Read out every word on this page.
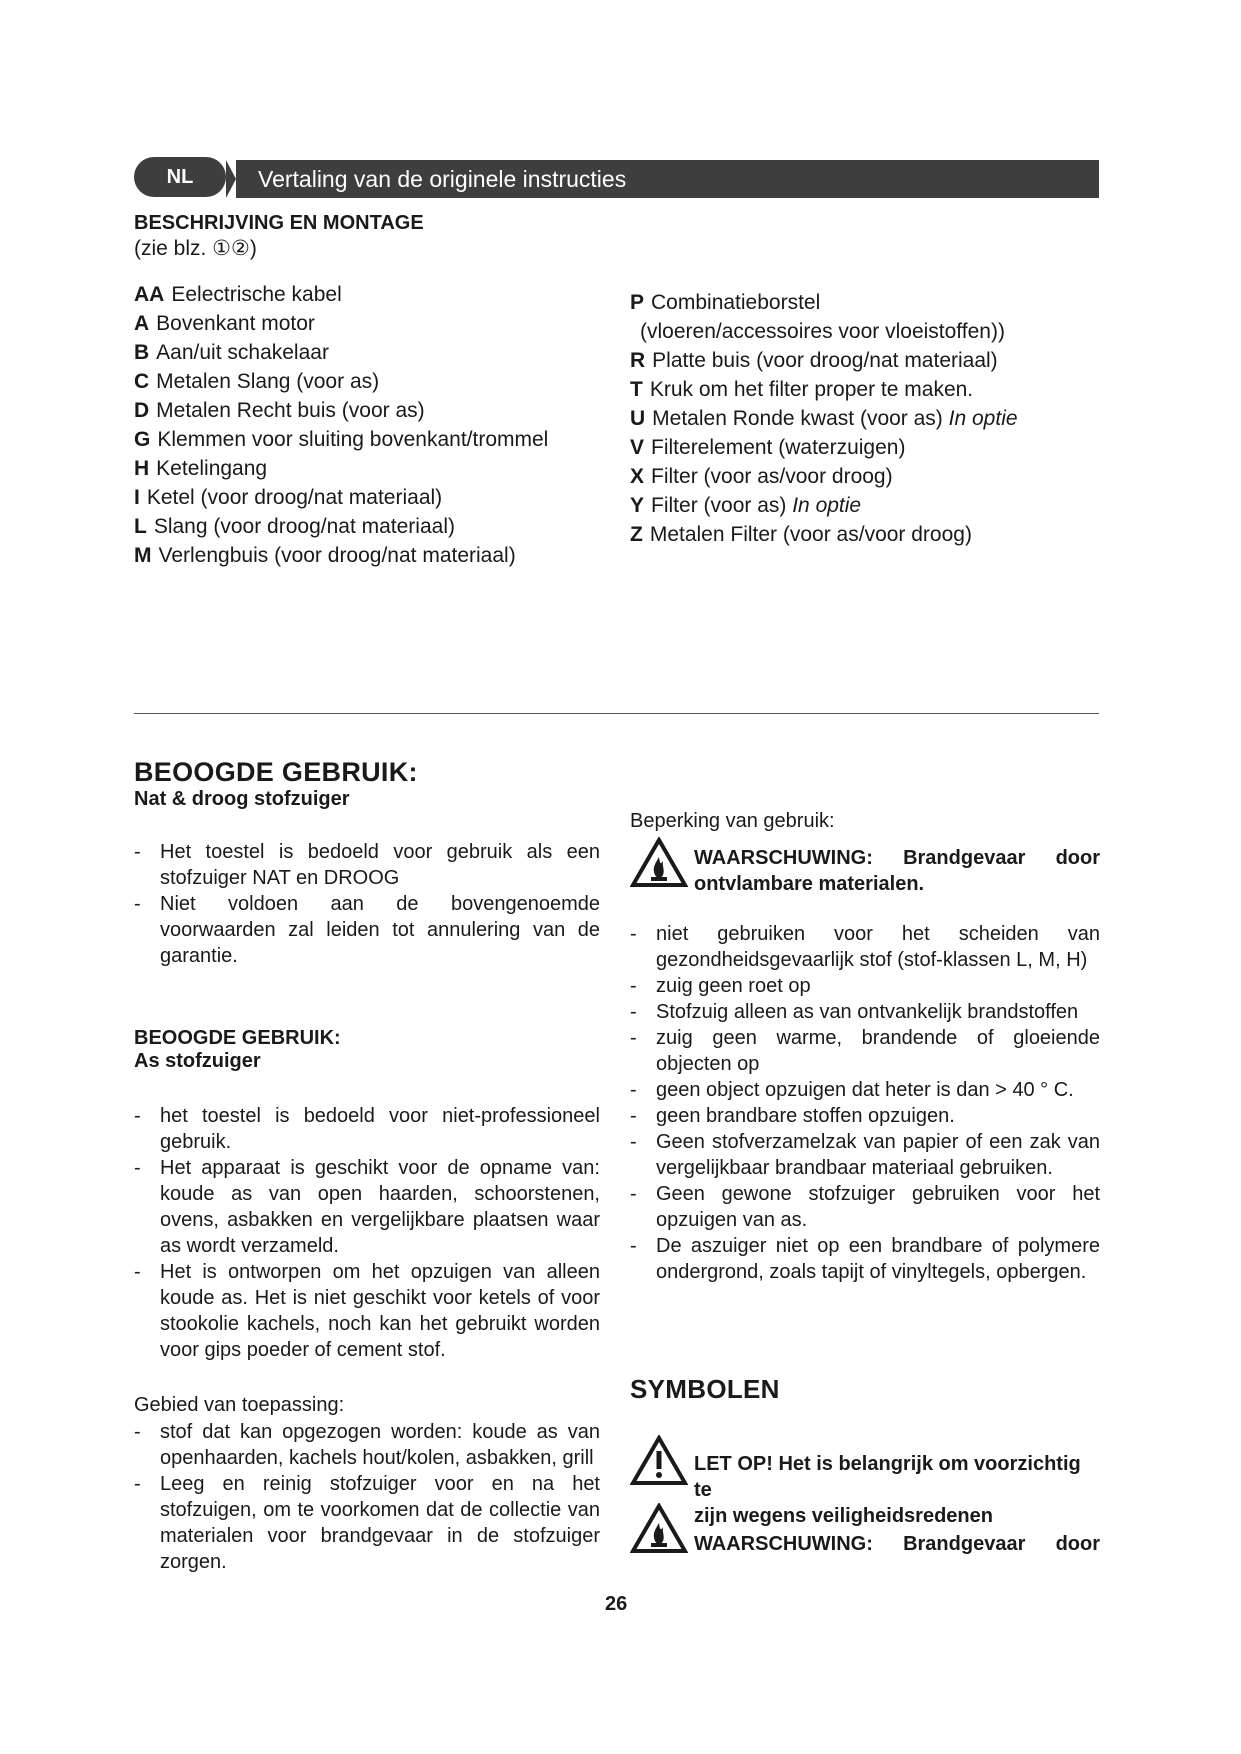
NL	Vertaling van de originele instructies
BESCHRIJVING EN MONTAGE
(zie blz. ①②)
AA Eelectrische kabel
A Bovenkant motor
B Aan/uit schakelaar
C Metalen Slang (voor as)
D Metalen Recht buis (voor as)
G Klemmen voor sluiting bovenkant/trommel
H Ketelingang
I Ketel (voor droog/nat materiaal)
L Slang (voor droog/nat materiaal)
M Verlengbuis (voor droog/nat materiaal)
P Combinatieborstel
(vloeren/accessoires voor vloeistoffen))
R Platte buis (voor droog/nat materiaal)
T Kruk om het filter proper te maken.
U Metalen Ronde kwast (voor as) In optie
V Filterelement (waterzuigen)
X Filter (voor as/voor droog)
Y Filter (voor as) In optie
Z Metalen Filter (voor as/voor droog)
BEOOGDE GEBRUIK:
Nat & droog stofzuiger
- Het toestel is bedoeld voor gebruik als een stofzuiger NAT en DROOG
- Niet voldoen aan de bovengenoemde voorwaarden zal leiden tot annulering van de garantie.
BEOOGDE GEBRUIK:
As stofzuiger
- het toestel is bedoeld voor niet-professioneel gebruik.
- Het apparaat is geschikt voor de opname van: koude as van open haarden, schoorstenen, ovens, asbakken en vergelijkbare plaatsen waar as wordt verzameld.
- Het is ontworpen om het opzuigen van alleen koude as. Het is niet geschikt voor ketels of voor stookolie kachels, noch kan het gebruikt worden voor gips poeder of cement stof.
Gebied van toepassing:
- stof dat kan opgezogen worden: koude as van openhaarden, kachels hout/kolen, asbakken, grill
- Leeg en reinig stofzuiger voor en na het stofzuigen, om te voorkomen dat de collectie van materialen voor brandgevaar in de stofzuiger zorgen.
Beperking van gebruik:
WAARSCHUWING: Brandgevaar door
ontvlambare materialen.
- niet gebruiken voor het scheiden van gezondheidsgevaarlijk stof (stof-klassen L, M, H)
- zuig geen roet op
- Stofzuig alleen as van ontvankelijk brandstoffen
- zuig geen warme, brandende of gloeiende objecten op
- geen object opzuigen dat heter is dan > 40 ° C.
- geen brandbare stoffen opzuigen.
- Geen stofverzamelzak van papier of een zak van vergelijkbaar brandbaar materiaal gebruiken.
- Geen gewone stofzuiger gebruiken voor het opzuigen van as.
- De aszuiger niet op een brandbare of polymere ondergrond, zoals tapijt of vinyltegels, opbergen.
SYMBOLEN
LET OP! Het is belangrijk om voorzichtig te
zijn wegens veiligheidsredenen
WAARSCHUWING: Brandgevaar door
26
